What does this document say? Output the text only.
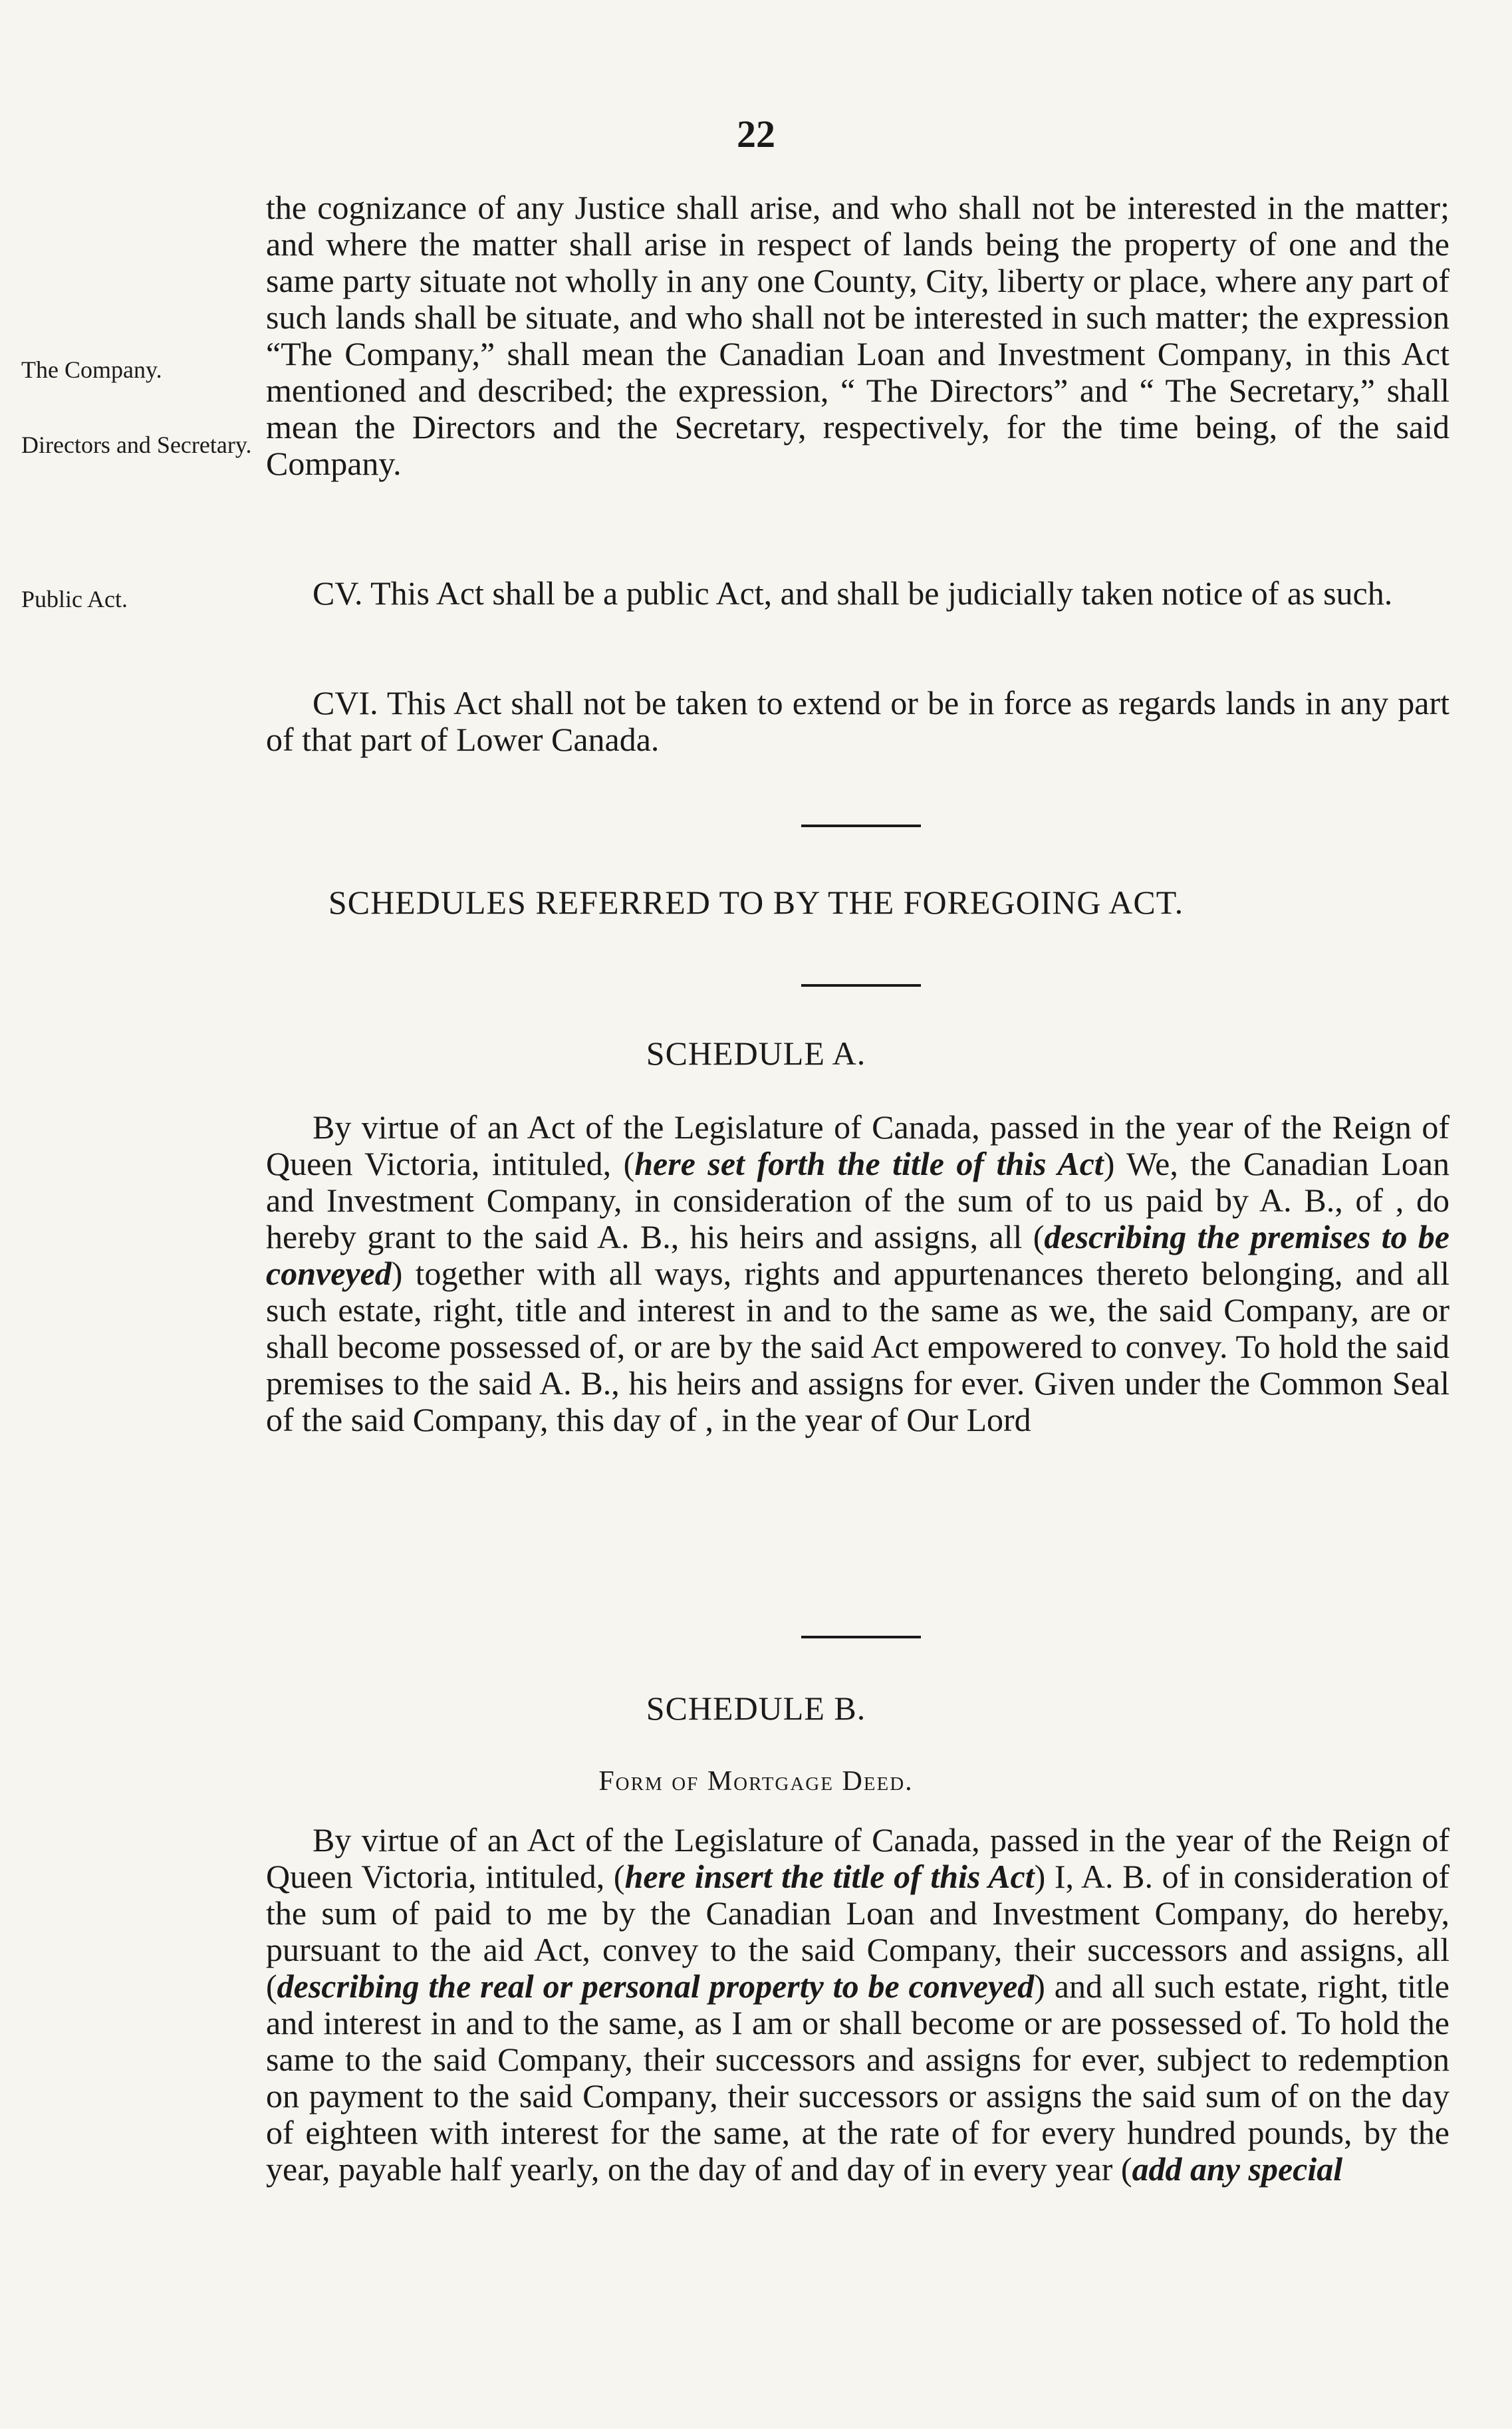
22
The Company.
Directors and Secretary.
Public Act.

the cognizance of any Justice shall arise, and who shall not be interested in the matter; and where the matter shall arise in respect of lands being the property of one and the same party situate not wholly in any one County, City, liberty or place, where any part of such lands shall be situate, and who shall not be interested in such matter; the expression “The Company,” shall mean the Canadian Loan and Investment Company, in this Act mentioned and described; the expression, “ The Directors” and “ The Secretary,” shall mean the Directors and the Secretary, respectively, for the time being, of the said Company.

CV. This Act shall be a public Act, and shall be judicially taken notice of as such.

CVI. This Act shall not be taken to extend or be in force as regards lands in any part of that part of Lower Canada.

SCHEDULES REFERRED TO BY THE FOREGOING ACT.
SCHEDULE A.

By virtue of an Act of the Legislature of Canada, passed in the year of the Reign of Queen Victoria, intituled, (here set forth the title of this Act) We, the Canadian Loan and Investment Company, in consideration of the sum of to us paid by A. B., of , do hereby grant to the said A. B., his heirs and assigns, all (describing the premises to be conveyed) together with all ways, rights and appurtenances thereto belonging, and all such estate, right, title and interest in and to the same as we, the said Company, are or shall become possessed of, or are by the said Act empowered to convey. To hold the said premises to the said A. B., his heirs and assigns for ever. Given under the Common Seal of the said Company, this day of , in the year of Our Lord

SCHEDULE B.
Form of Mortgage Deed.

By virtue of an Act of the Legislature of Canada, passed in the year of the Reign of Queen Victoria, intituled, (here insert the title of this Act) I, A. B. of in consideration of the sum of paid to me by the Canadian Loan and Investment Company, do hereby, pursuant to the aid Act, convey to the said Company, their successors and assigns, all (describing the real or personal property to be conveyed) and all such estate, right, title and interest in and to the same, as I am or shall become or are possessed of. To hold the same to the said Company, their successors and assigns for ever, subject to redemption on payment to the said Company, their successors or assigns the said sum of on the day of eighteen with interest for the same, at the rate of for every hundred pounds, by the year, payable half yearly, on the day of and day of in every year (add any special
